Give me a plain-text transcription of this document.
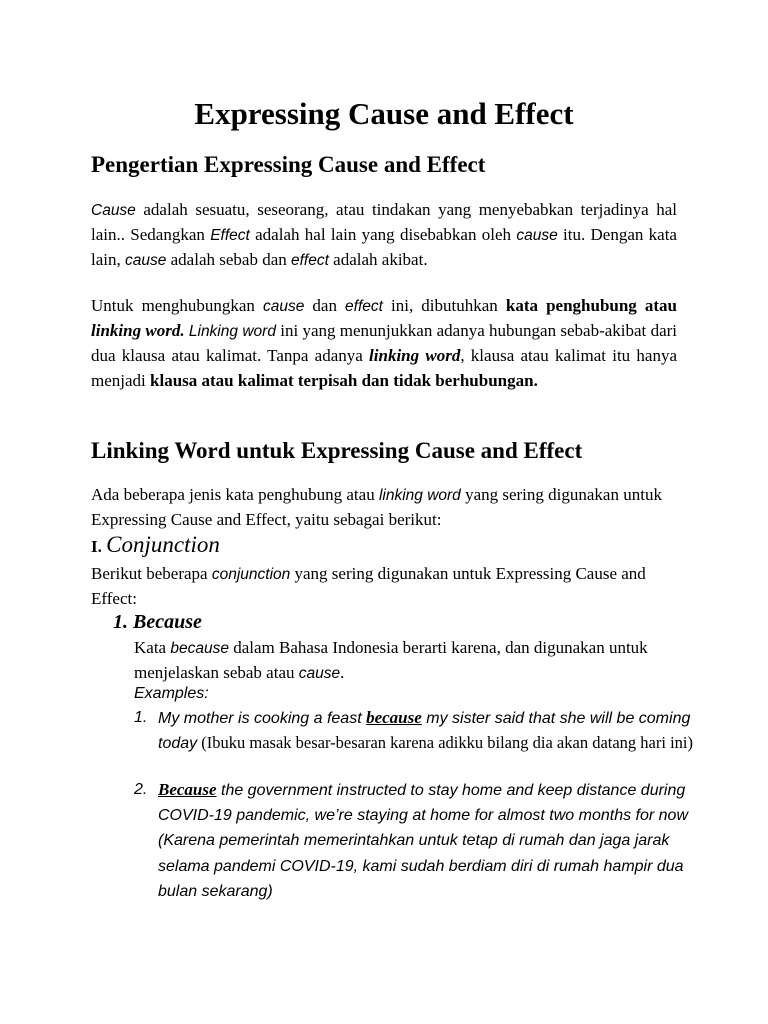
Expressing Cause and Effect
Pengertian Expressing Cause and Effect

Cause adalah sesuatu, seseorang, atau tindakan yang menyebabkan terjadinya hal lain.. Sedangkan Effect adalah hal lain yang disebabkan oleh cause itu. Dengan kata lain, cause adalah sebab dan effect adalah akibat.

Untuk menghubungkan cause dan effect ini, dibutuhkan kata penghubung atau linking word. Linking word ini yang menunjukkan adanya hubungan sebab-akibat dari dua klausa atau kalimat. Tanpa adanya linking word, klausa atau kalimat itu hanya menjadi klausa atau kalimat terpisah dan tidak berhubungan.

Linking Word untuk Expressing Cause and Effect

Ada beberapa jenis kata penghubung atau linking word yang sering digunakan untuk Expressing Cause and Effect, yaitu sebagai berikut:

I. Conjunction

Berikut beberapa conjunction yang sering digunakan untuk Expressing Cause and Effect:

1. Because

Kata because dalam Bahasa Indonesia berarti karena, dan digunakan untuk menjelaskan sebab atau cause.

Examples:
1. My mother is cooking a feast because my sister said that she will be coming today (Ibuku masak besar-besaran karena adikku bilang dia akan datang hari ini)
2. Because the government instructed to stay home and keep distance during COVID-19 pandemic, we’re staying at home for almost two months for now (Karena pemerintah memerintahkan untuk tetap di rumah dan jaga jarak selama pandemi COVID-19, kami sudah berdiam diri di rumah hampir dua bulan sekarang)
